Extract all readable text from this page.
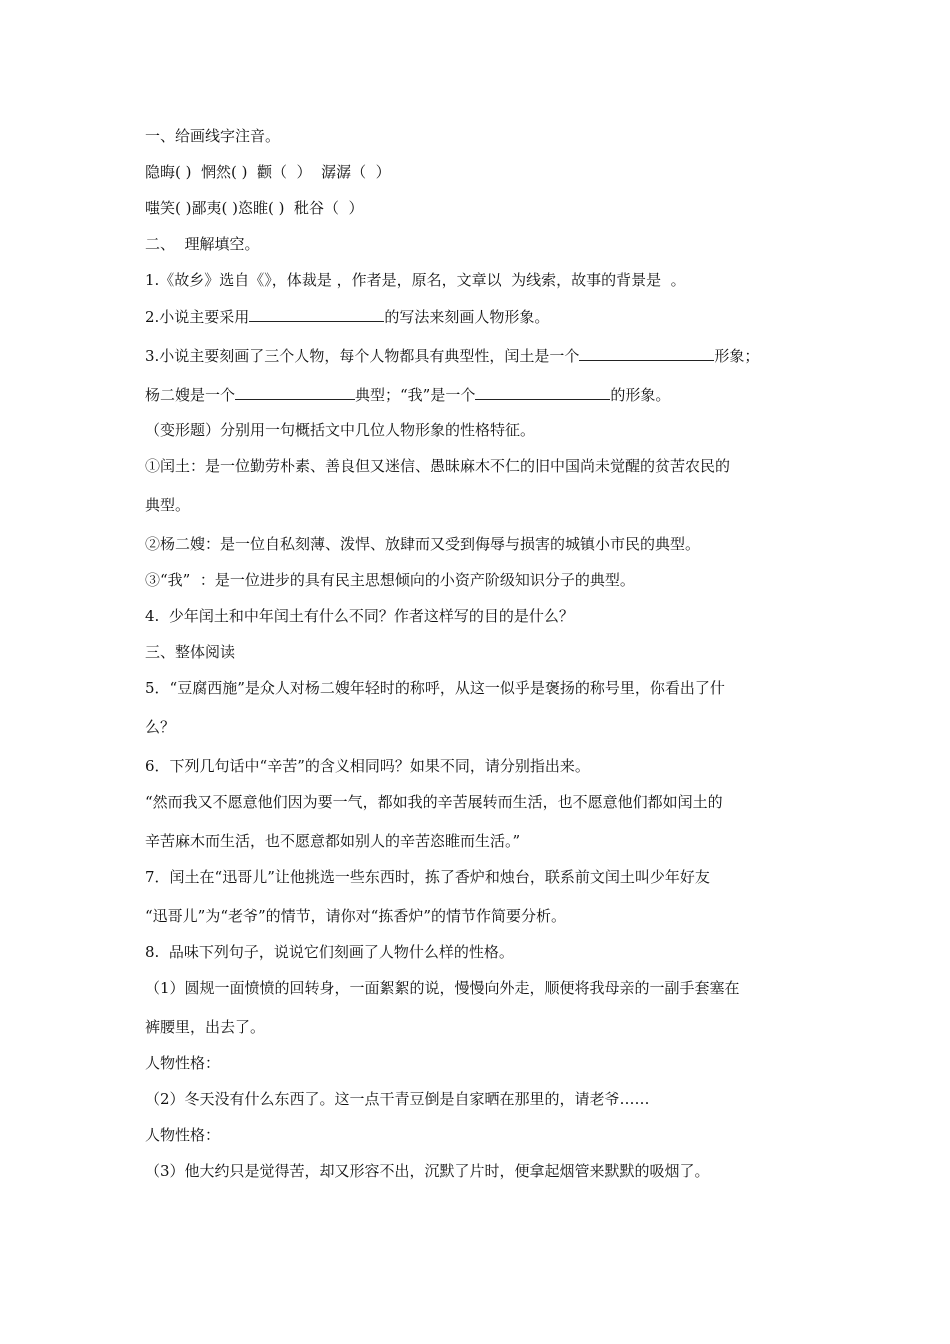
一、给画线字注音。
隐晦( )  惘然( )  颧（  ）  潺潺（  ）
嗤笑( )鄙夷( )恣睢( )  秕谷（  ）
二、  理解填空。
1.《故乡》选自《》，体裁是 ，作者是，原名，文章以  为线索，故事的背景是  。
2.小说主要采用	的写法来刻画人物形象。
3.小说主要刻画了三个人物，每个人物都具有典型性，闰土是一个	形象；
杨二嫂是一个	典型；“我”是一个	的形象。
（变形题）分别用一句概括文中几位人物形象的性格特征。
①闰土：是一位勤劳朴素、善良但又迷信、愚昧麻木不仁的旧中国尚未觉醒的贫苦农民的
典型。
②杨二嫂：是一位自私刻薄、泼悍、放肆而又受到侮辱与损害的城镇小市民的典型。
③“我”  ：是一位进步的具有民主思想倾向的小资产阶级知识分子的典型。
4.  少年闰土和中年闰土有什么不同？作者这样写的目的是什么？
三、整体阅读
5．“豆腐西施”是众人对杨二嫂年轻时的称呼，从这一似乎是褒扬的称号里，你看出了什
么？
6．下列几句话中“辛苦”的含义相同吗？如果不同，请分别指出来。
“然而我又不愿意他们因为要一气，都如我的辛苦展转而生活，也不愿意他们都如闰土的
辛苦麻木而生活，也不愿意都如别人的辛苦恣睢而生活。”
7．闰土在“迅哥儿”让他挑选一些东西时，拣了香炉和烛台，联系前文闰土叫少年好友
“迅哥儿”为“老爷”的情节，请你对“拣香炉”的情节作简要分析。
8.  品味下列句子，说说它们刻画了人物什么样的性格。
（1）圆规一面愤愤的回转身，一面絮絮的说，慢慢向外走，顺便将我母亲的一副手套塞在
裤腰里，出去了。
人物性格：
（2）冬天没有什么东西了。这一点干青豆倒是自家晒在那里的，请老爷……
人物性格：
（3）他大约只是觉得苦，却又形容不出，沉默了片时，便拿起烟管来默默的吸烟了。
